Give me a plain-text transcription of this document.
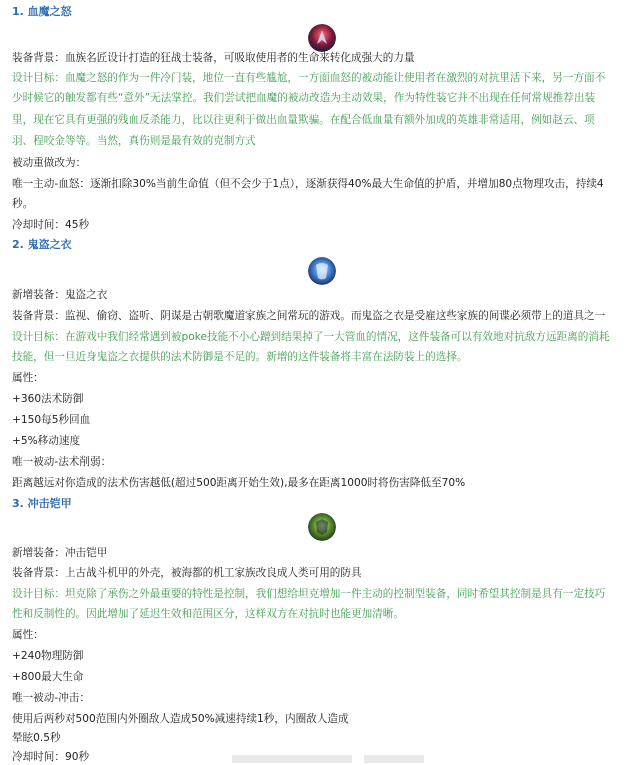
1. 血魔之怒
装备背景：血族名匠设计打造的狂战士装备，可吸取使用者的生命来转化成强大的力量
设计目标：血魔之怒的作为一件冷门装，地位一直有些尴尬，一方面血怒的被动能让使用者在激烈的对抗里活下来，另一方面不
少时候它的触发都有些“意外”无法掌控。我们尝试把血魔的被动改造为主动效果，作为特性装它并不出现在任何常规推荐出装
里，现在它具有更强的残血反杀能力，比以往更利于做出血量欺骗。在配合低血量有额外加成的英雄非常适用，例如赵云、项
羽、程咬金等等。当然，真伤则是最有效的克制方式
被动重做改为：
唯一主动-血怒：逐渐扣除30%当前生命值（但不会少于1点），逐渐获得40%最大生命值的护盾，并增加80点物理攻击，持续4
秒。
冷却时间：45秒
2. 鬼盗之衣
新增装备：鬼盗之衣
装备背景：监视、偷窃、盗听、阴谋是古朝歌魔道家族之间常玩的游戏。而鬼盗之衣是受雇这些家族的间谍必须带上的道具之一
设计目标：在游戏中我们经常遇到被poke技能不小心蹭到结果掉了一大管血的情况，这件装备可以有效地对抗敌方远距离的消耗
技能，但一旦近身鬼盗之衣提供的法术防御是不足的。新增的这件装备将丰富在法防装上的选择。
属性：
+360法术防御
+150每5秒回血
+5%移动速度
唯一被动-法术削弱：
距离越远对你造成的法术伤害越低(超过500距离开始生效),最多在距离1000时将伤害降低至70%
3. 冲击铠甲
新增装备：冲击铠甲
装备背景：上古战斗机甲的外壳，被海都的机工家族改良成人类可用的防具
设计目标：坦克除了承伤之外最重要的特性是控制，我们想给坦克增加一件主动的控制型装备，同时希望其控制是具有一定技巧
性和反制性的。因此增加了延迟生效和范围区分，这样双方在对抗时也能更加清晰。
属性：
+240物理防御
+800最大生命
唯一被动-冲击：
使用后两秒对500范围内外圈敌人造成50%减速持续1秒，内圈敌人造成
晕眩0.5秒
冷却时间：90秒
